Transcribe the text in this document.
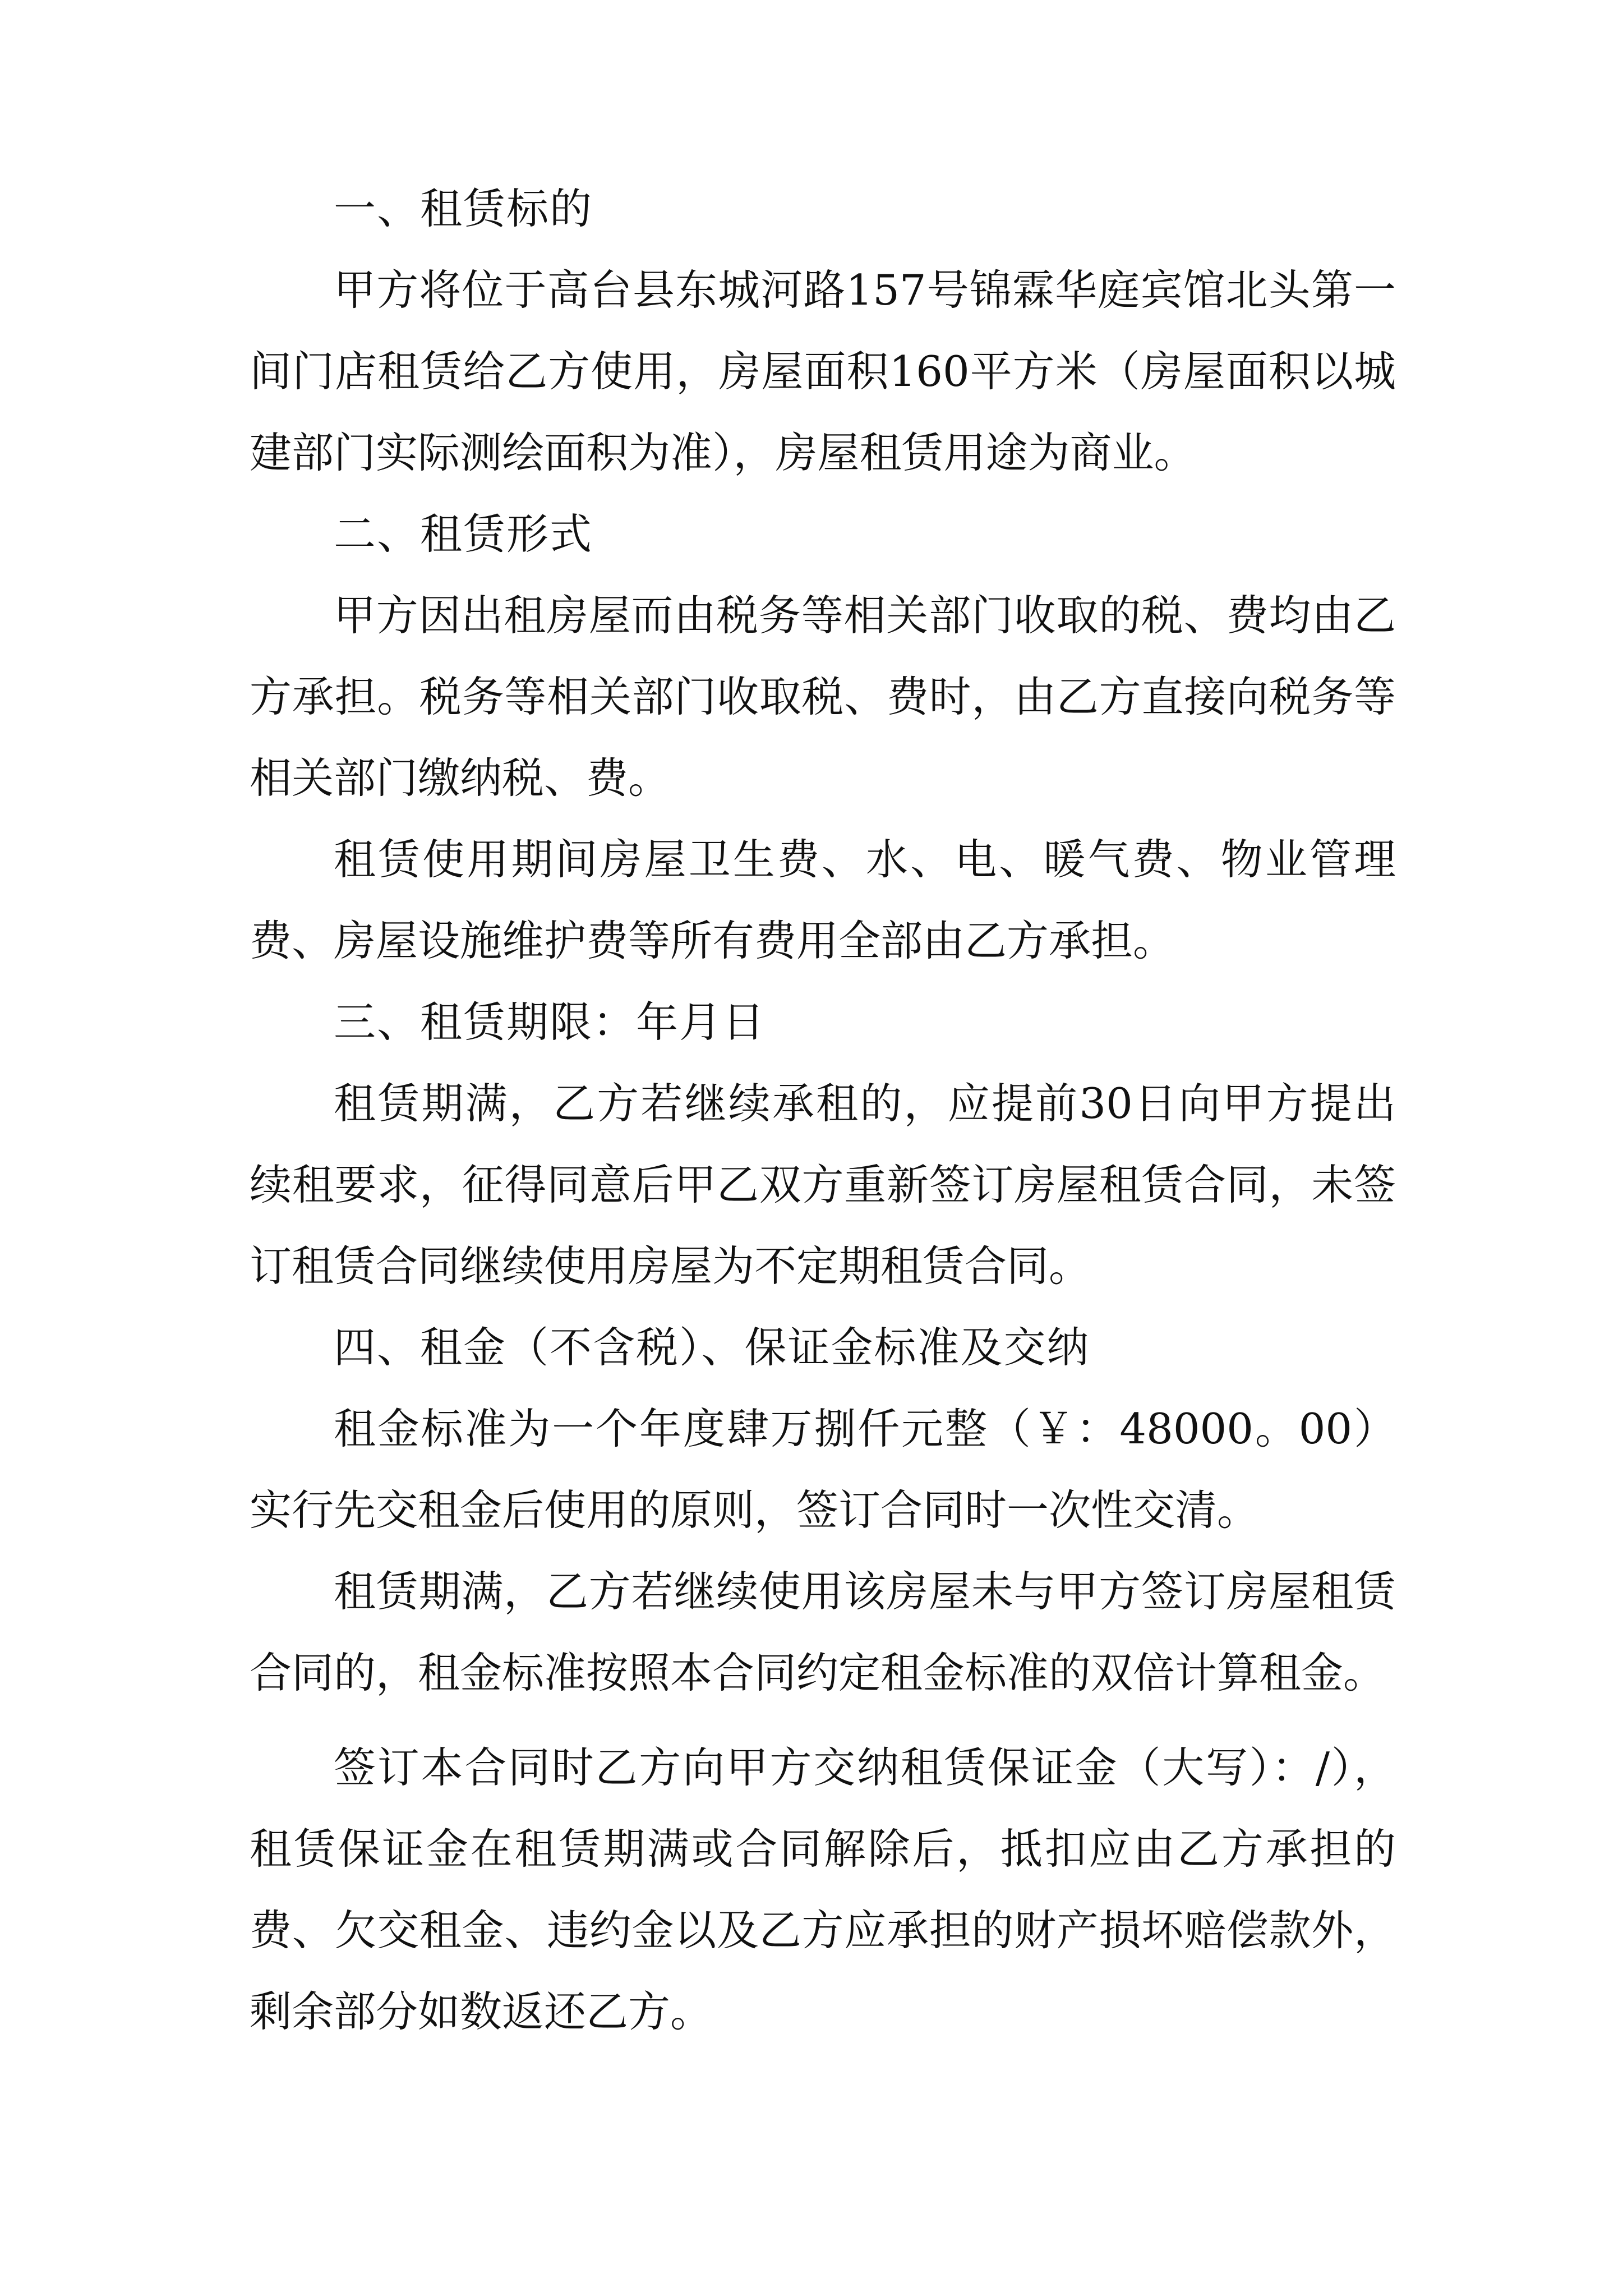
一、租赁标的

甲方将位于高台县东城河路157号锦霖华庭宾馆北头第一间门店租赁给乙方使用，房屋面积160平方米（房屋面积以城建部门实际测绘面积为准），房屋租赁用途为商业。

二、租赁形式

甲方因出租房屋而由税务等相关部门收取的税、费均由乙方承担。税务等相关部门收取税、费时，由乙方直接向税务等相关部门缴纳税、费。

租赁使用期间房屋卫生费、水、电、暖气费、物业管理费、房屋设施维护费等所有费用全部由乙方承担。

三、租赁期限：年月日

租赁期满，乙方若继续承租的，应提前30日向甲方提出续租要求，征得同意后甲乙双方重新签订房屋租赁合同，未签订租赁合同继续使用房屋为不定期租赁合同。

四、租金（不含税）、保证金标准及交纳

租金标准为一个年度肆万捌仟元整（￥：48000。00）实行先交租金后使用的原则，签订合同时一次性交清。

租赁期满，乙方若继续使用该房屋未与甲方签订房屋租赁合同的，租金标准按照本合同约定租金标准的双倍计算租金。

签订本合同时乙方向甲方交纳租赁保证金（大写）：/），租赁保证金在租赁期满或合同解除后，抵扣应由乙方承担的费、欠交租金、违约金以及乙方应承担的财产损坏赔偿款外，剩余部分如数返还乙方。
